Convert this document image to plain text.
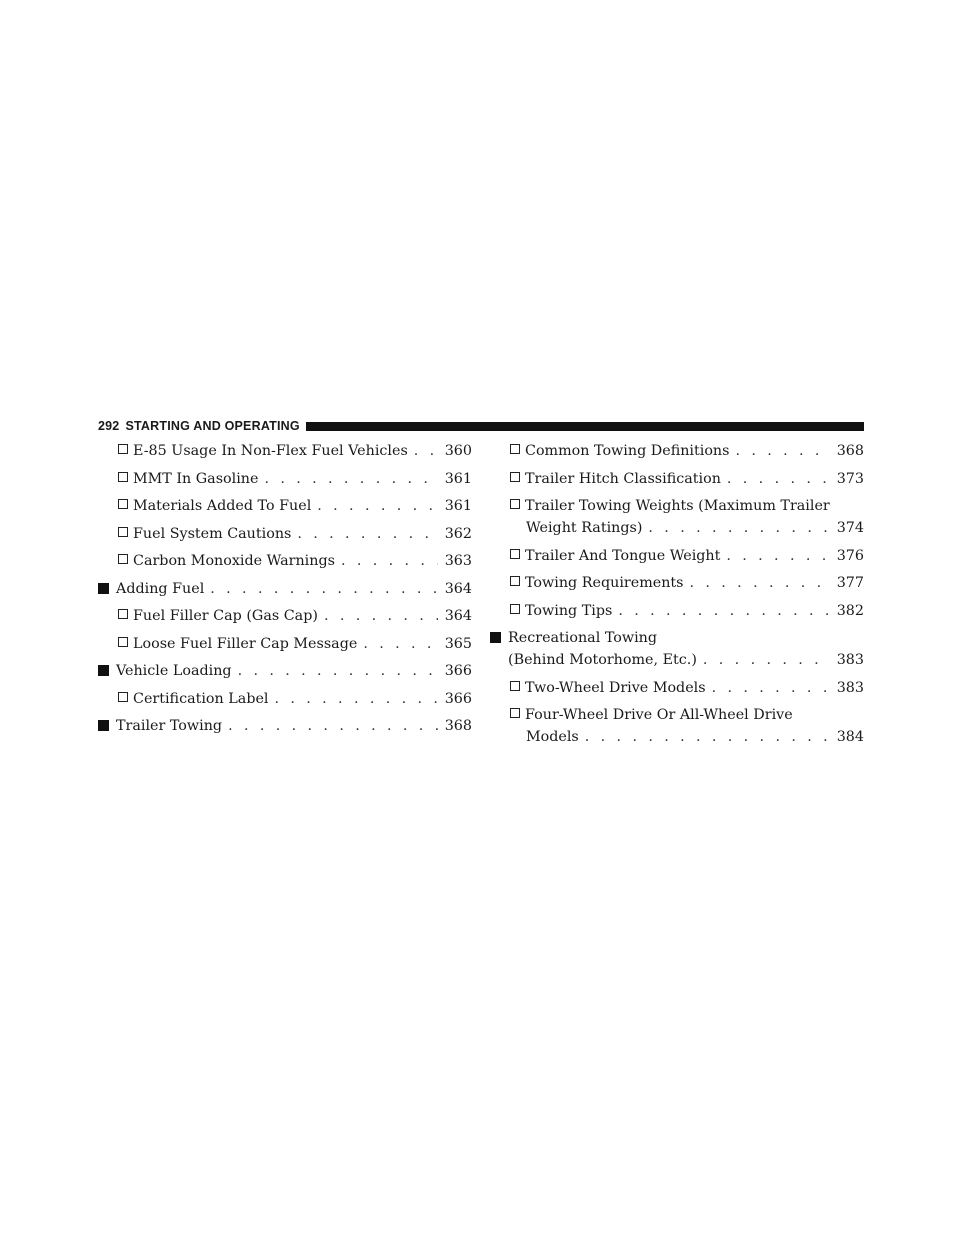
292 STARTING AND OPERATING
E-85 Usage In Non-Flex Fuel Vehicles . . .	360
MMT In Gasoline . . .	361
Materials Added To Fuel . . .	361
Fuel System Cautions . . .	362
Carbon Monoxide Warnings . . .	363
Adding Fuel . . .	364
Fuel Filler Cap (Gas Cap) . . .	364
Loose Fuel Filler Cap Message . . .	365
Vehicle Loading . . .	366
Certification Label . . .	366
Trailer Towing . . .	368
Common Towing Definitions . . .	368
Trailer Hitch Classification . . .	373
Trailer Towing Weights (Maximum Trailer
Weight Ratings) . . .	374
Trailer And Tongue Weight . . .	376
Towing Requirements . . .	377
Towing Tips . . .	382
Recreational Towing
(Behind Motorhome, Etc.) . . .	383
Two-Wheel Drive Models . . .	383
Four-Wheel Drive Or All-Wheel Drive
Models . . .	384
